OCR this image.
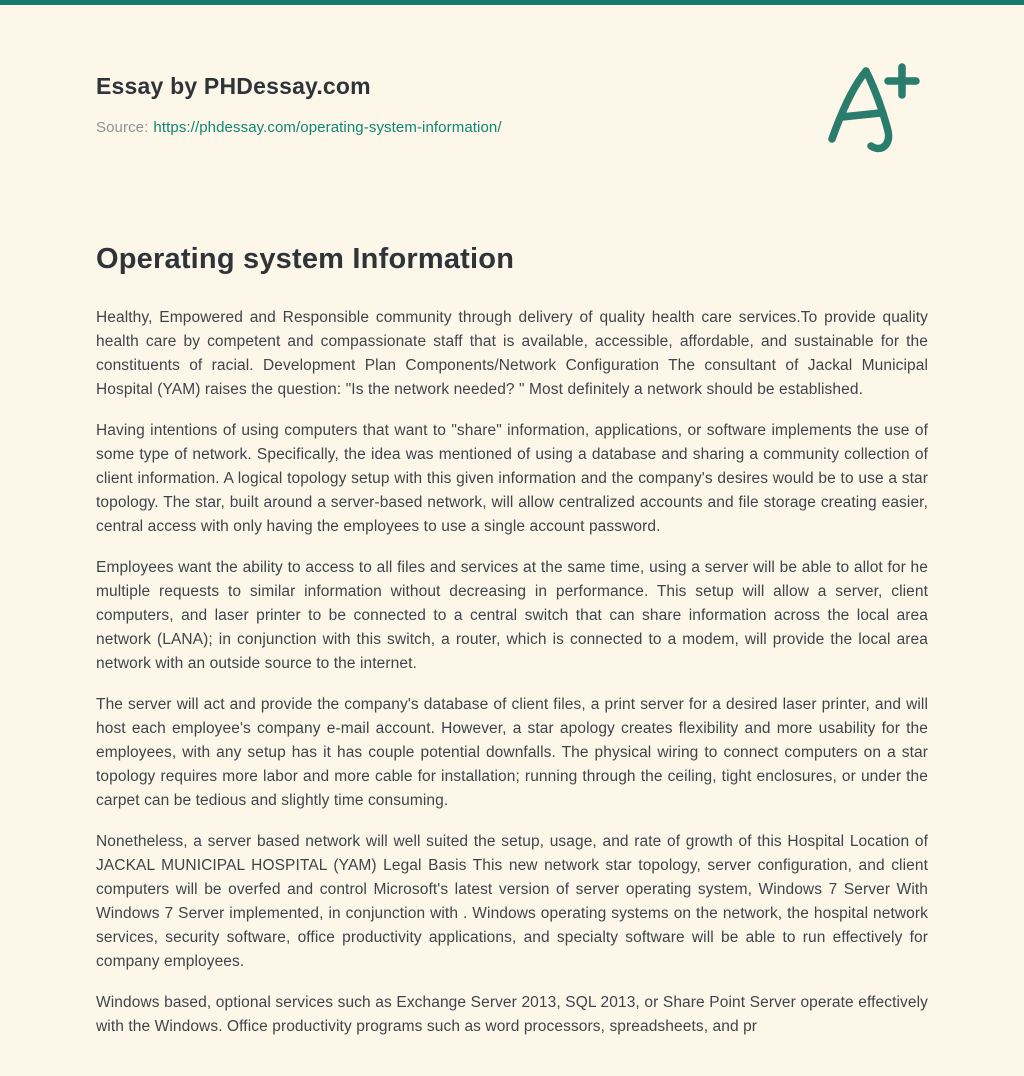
Essay by PHDessay.com
Source: https://phdessay.com/operating-system-information/
Operating system Information

Healthy, Empowered and Responsible community through delivery of quality health care services.To provide quality health care by competent and compassionate staff that is available, accessible, affordable, and sustainable for the constituents of racial. Development Plan Components/Network Configuration The consultant of Jackal Municipal Hospital (YAM) raises the question: "Is the network needed? " Most definitely a network should be established.

Having intentions of using computers that want to "share" information, applications, or software implements the use of some type of network. Specifically, the idea was mentioned of using a database and sharing a community collection of client information. A logical topology setup with this given information and the company's desires would be to use a star topology. The star, built around a server-based network, will allow centralized accounts and file storage creating easier, central access with only having the employees to use a single account password.

Employees want the ability to access to all files and services at the same time, using a server will be able to allot for he multiple requests to similar information without decreasing in performance. This setup will allow a server, client computers, and laser printer to be connected to a central switch that can share information across the local area network (LANA); in conjunction with this switch, a router, which is connected to a modem, will provide the local area network with an outside source to the internet.

The server will act and provide the company's database of client files, a print server for a desired laser printer, and will host each employee's company e-mail account. However, a star apology creates flexibility and more usability for the employees, with any setup has it has couple potential downfalls. The physical wiring to connect computers on a star topology requires more labor and more cable for installation; running through the ceiling, tight enclosures, or under the carpet can be tedious and slightly time consuming.

Nonetheless, a server based network will well suited the setup, usage, and rate of growth of this Hospital Location of JACKAL MUNICIPAL HOSPITAL (YAM) Legal Basis This new network star topology, server configuration, and client computers will be overfed and control Microsoft's latest version of server operating system, Windows 7 Server With Windows 7 Server implemented, in conjunction with . Windows operating systems on the network, the hospital network services, security software, office productivity applications, and specialty software will be able to run effectively for company employees.

Windows based, optional services such as Exchange Server 2013, SQL 2013, or Share Point Server operate effectively with the Windows. Office productivity programs such as word processors, spreadsheets, and pr
